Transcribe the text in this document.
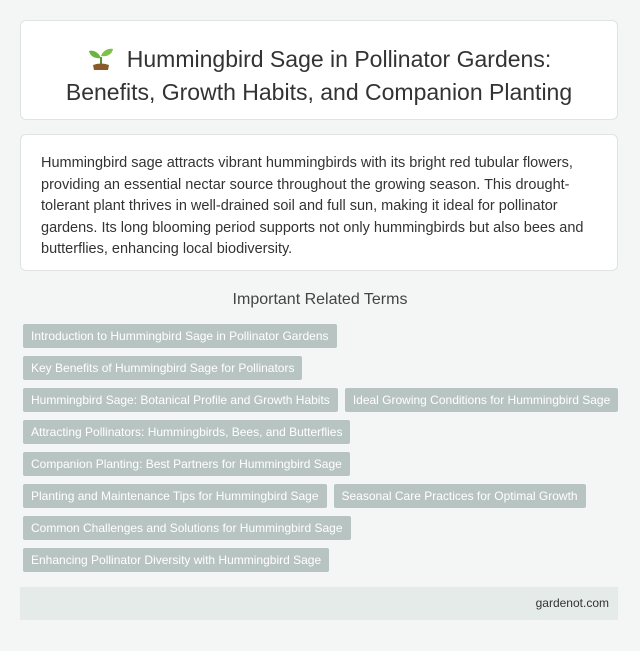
Hummingbird Sage in Pollinator Gardens:
Benefits, Growth Habits, and Companion Planting

Hummingbird sage attracts vibrant hummingbirds with its bright red tubular flowers, providing an essential nectar source throughout the growing season. This drought-tolerant plant thrives in well-drained soil and full sun, making it ideal for pollinator gardens. Its long blooming period supports not only hummingbirds but also bees and butterflies, enhancing local biodiversity.

Important Related Terms
Introduction to Hummingbird Sage in Pollinator Gardens
Key Benefits of Hummingbird Sage for Pollinators
Hummingbird Sage: Botanical Profile and Growth Habits Ideal Growing Conditions for Hummingbird Sage
Attracting Pollinators: Hummingbirds, Bees, and Butterflies
Companion Planting: Best Partners for Hummingbird Sage
Planting and Maintenance Tips for Hummingbird Sage Seasonal Care Practices for Optimal Growth
Common Challenges and Solutions for Hummingbird Sage
Enhancing Pollinator Diversity with Hummingbird Sage
gardenot.com
